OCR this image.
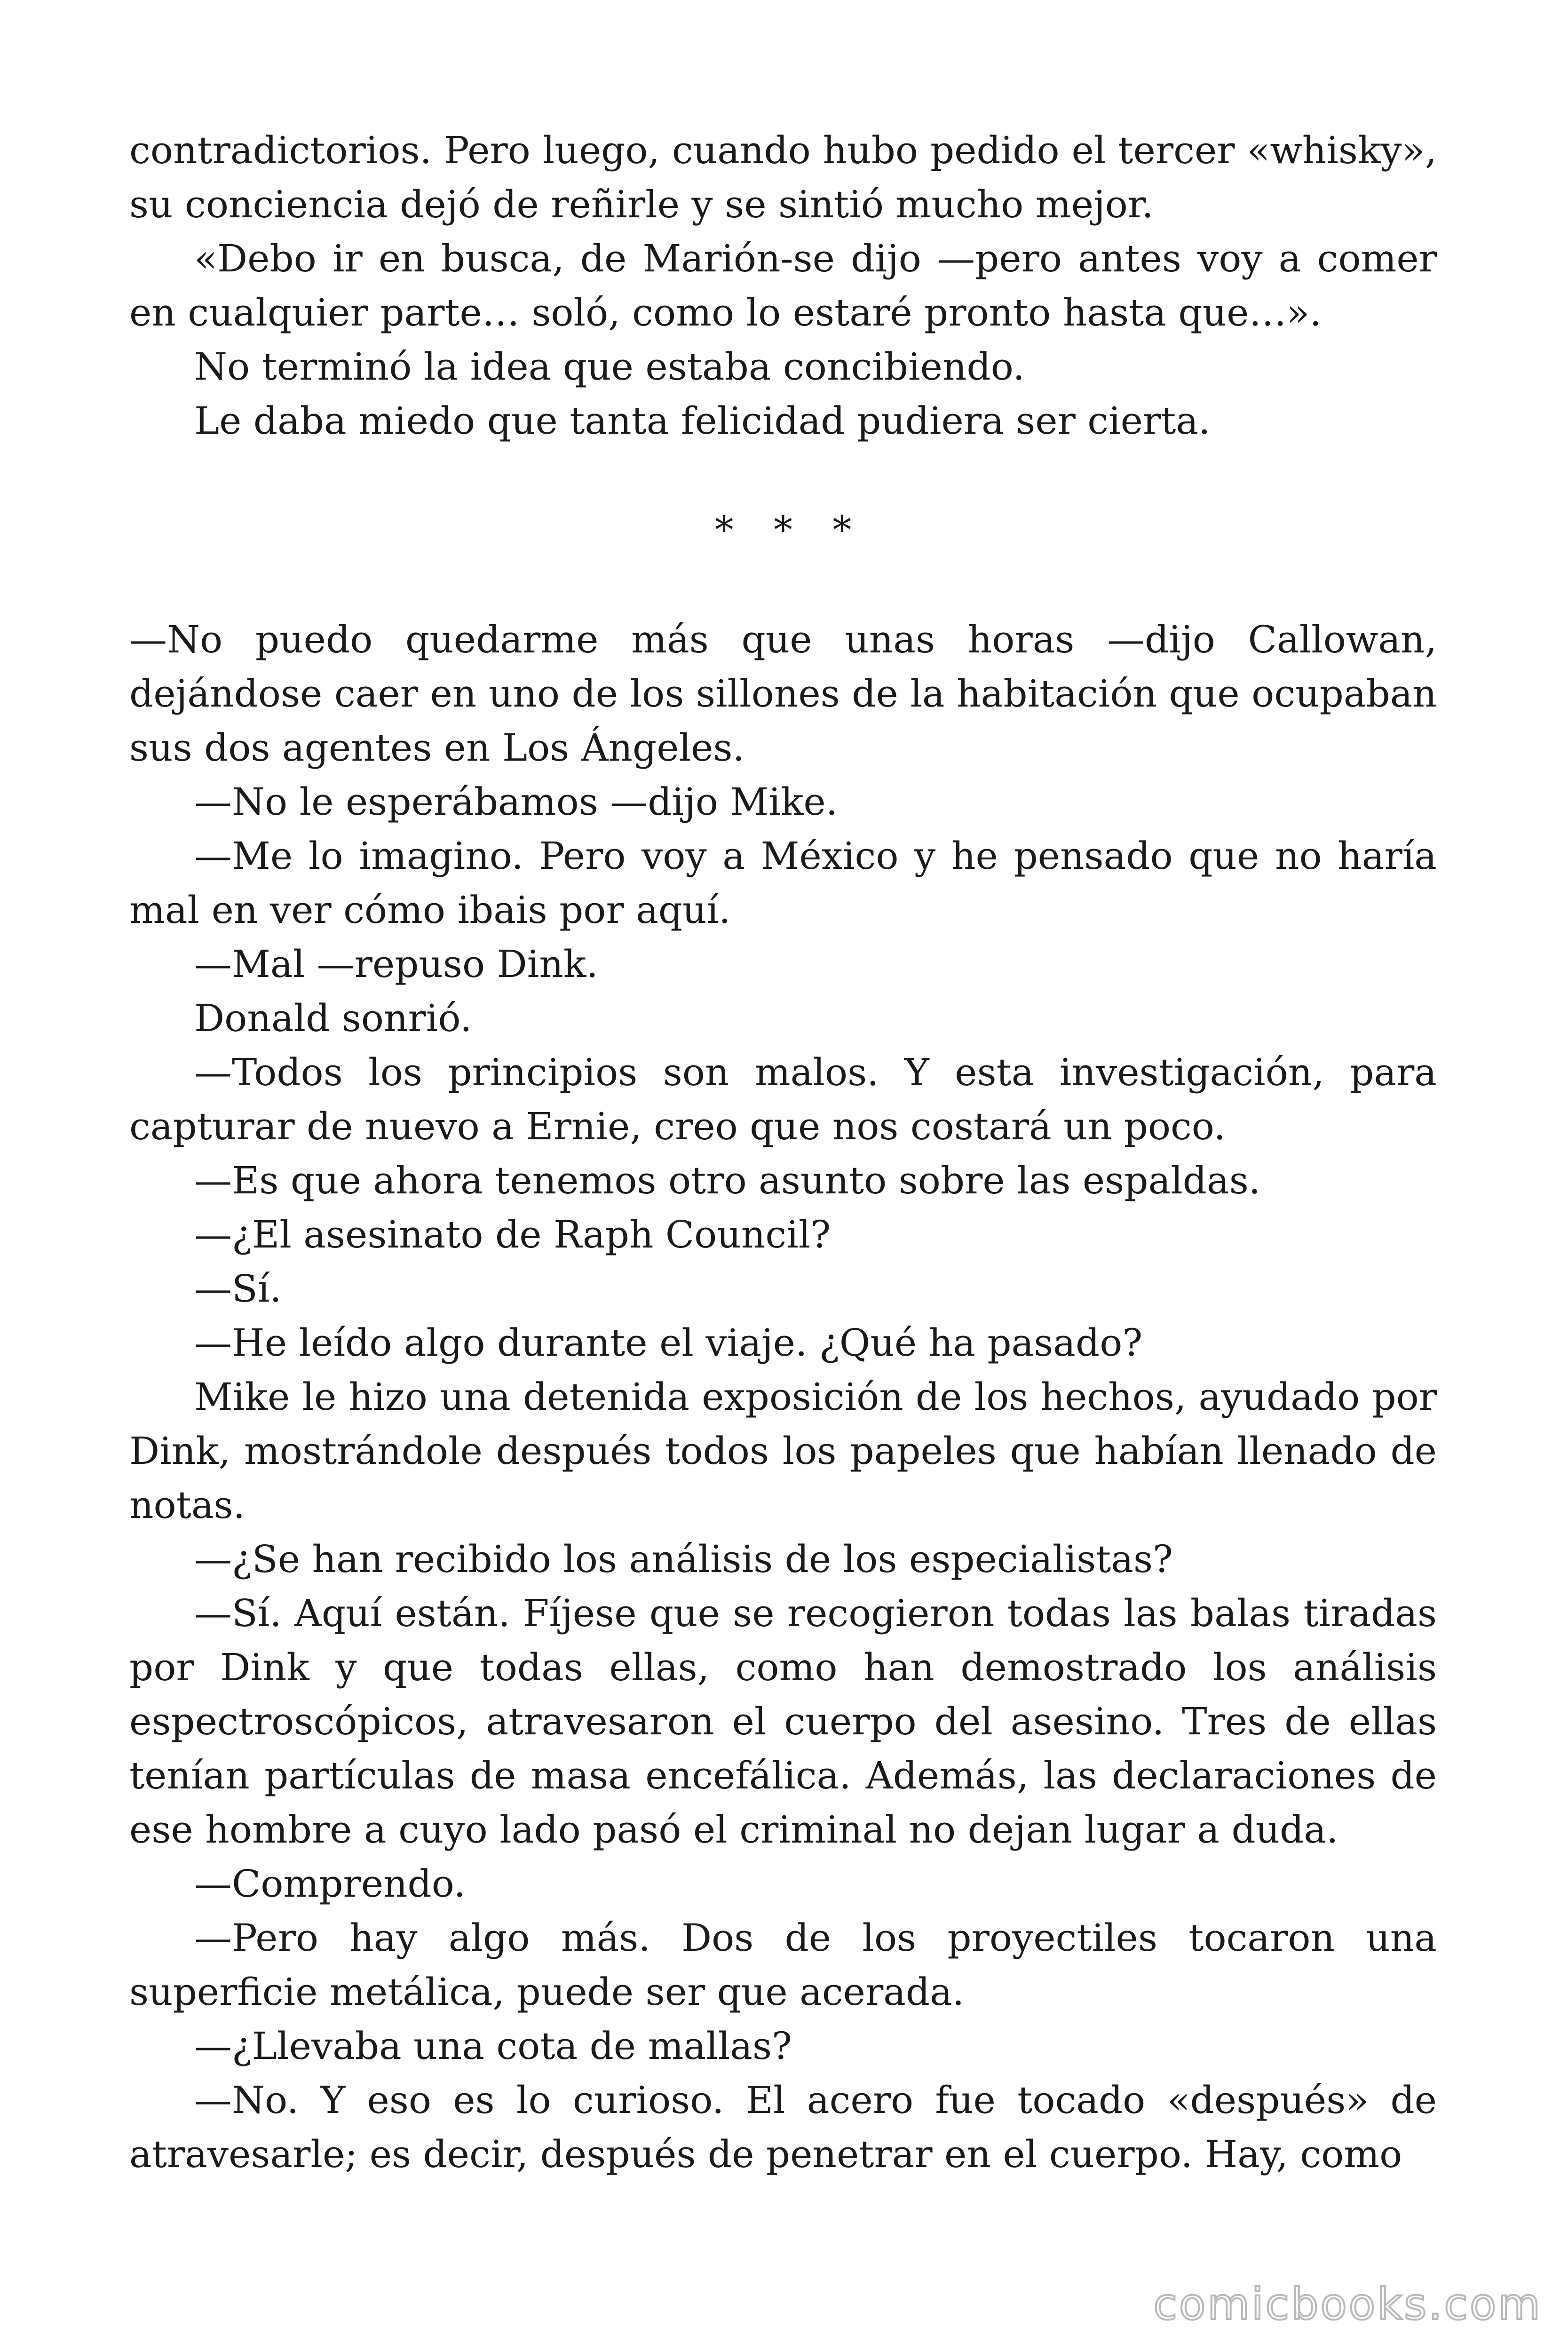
contradictorios. Pero luego, cuando hubo pedido el tercer «whisky», su conciencia dejó de reñirle y se sintió mucho mejor.

«Debo ir en busca, de Marión-se dijo —pero antes voy a comer en cualquier parte… soló, como lo estaré pronto hasta que…».

No terminó la idea que estaba concibiendo.

Le daba miedo que tanta felicidad pudiera ser cierta.

* * *

—No puedo quedarme más que unas horas —dijo Callowan, dejándose caer en uno de los sillones de la habitación que ocupaban sus dos agentes en Los Ángeles.

—No le esperábamos —dijo Mike.

—Me lo imagino. Pero voy a México y he pensado que no haría mal en ver cómo ibais por aquí.

—Mal —repuso Dink.

Donald sonrió.

—Todos los principios son malos. Y esta investigación, para capturar de nuevo a Ernie, creo que nos costará un poco.

—Es que ahora tenemos otro asunto sobre las espaldas.

—¿El asesinato de Raph Council?

—Sí.

—He leído algo durante el viaje. ¿Qué ha pasado?

Mike le hizo una detenida exposición de los hechos, ayudado por Dink, mostrándole después todos los papeles que habían llenado de notas.

—¿Se han recibido los análisis de los especialistas?

—Sí. Aquí están. Fíjese que se recogieron todas las balas tiradas por Dink y que todas ellas, como han demostrado los análisis espectroscópicos, atravesaron el cuerpo del asesino. Tres de ellas tenían partículas de masa encefálica. Además, las declaraciones de ese hombre a cuyo lado pasó el criminal no dejan lugar a duda.

—Comprendo.

—Pero hay algo más. Dos de los proyectiles tocaron una superficie metálica, puede ser que acerada.

—¿Llevaba una cota de mallas?

—No. Y eso es lo curioso. El acero fue tocado «después» de atravesarle; es decir, después de penetrar en el cuerpo. Hay, como

comicbooks.com
